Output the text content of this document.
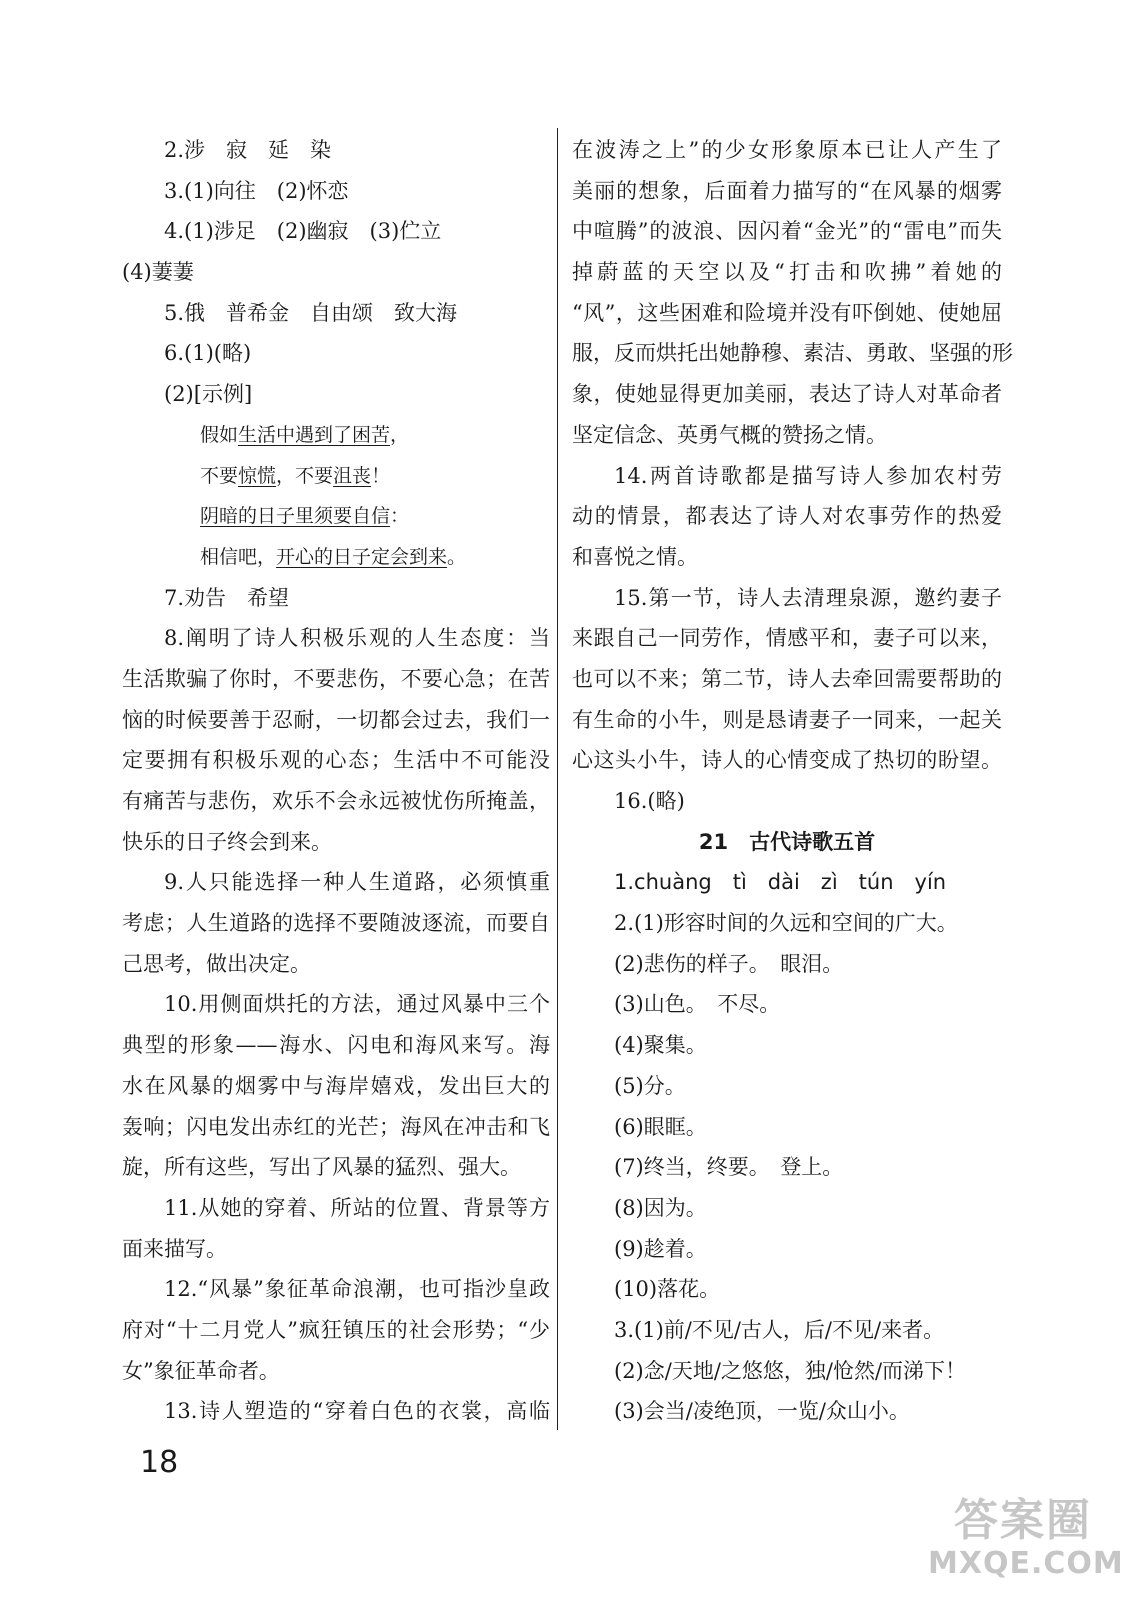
2.涉　寂　延　染
3.(1)向往　(2)怀恋
4.(1)涉足　(2)幽寂　(3)伫立
(4)萋萋
5.俄　普希金　自由颂　致大海
6.(1)(略)
(2)[示例]
假如生活中遇到了困苦，
不要惊慌，不要沮丧！
阴暗的日子里须要自信：
相信吧，开心的日子定会到来。
7.劝告　希望
8.阐明了诗人积极乐观的人生态度：当
生活欺骗了你时，不要悲伤，不要心急；在苦
恼的时候要善于忍耐，一切都会过去，我们一
定要拥有积极乐观的心态；生活中不可能没
有痛苦与悲伤，欢乐不会永远被忧伤所掩盖，
快乐的日子终会到来。
9.人只能选择一种人生道路，必须慎重
考虑；人生道路的选择不要随波逐流，而要自
己思考，做出决定。
10.用侧面烘托的方法，通过风暴中三个
典型的形象——海水、闪电和海风来写。海
水在风暴的烟雾中与海岸嬉戏，发出巨大的
轰响；闪电发出赤红的光芒；海风在冲击和飞
旋，所有这些，写出了风暴的猛烈、强大。
11.从她的穿着、所站的位置、背景等方
面来描写。
12.“风暴”象征革命浪潮，也可指沙皇政
府对“十二月党人”疯狂镇压的社会形势；“少
女”象征革命者。
13.诗人塑造的“穿着白色的衣裳，高临
在波涛之上”的少女形象原本已让人产生了
美丽的想象，后面着力描写的“在风暴的烟雾
中喧腾”的波浪、因闪着“金光”的“雷电”而失
掉蔚蓝的天空以及“打击和吹拂”着她的
“风”，这些困难和险境并没有吓倒她、使她屈
服，反而烘托出她静穆、素洁、勇敢、坚强的形
象，使她显得更加美丽，表达了诗人对革命者
坚定信念、英勇气概的赞扬之情。
14.两首诗歌都是描写诗人参加农村劳
动的情景，都表达了诗人对农事劳作的热爱
和喜悦之情。
15.第一节，诗人去清理泉源，邀约妻子
来跟自己一同劳作，情感平和，妻子可以来，
也可以不来；第二节，诗人去牵回需要帮助的
有生命的小牛，则是恳请妻子一同来，一起关
心这头小牛，诗人的心情变成了热切的盼望。
16.(略)
21　古代诗歌五首
1.chuàng　tì　dài　zì　tún　yín
2.(1)形容时间的久远和空间的广大。
(2)悲伤的样子。　眼泪。
(3)山色。　不尽。
(4)聚集。
(5)分。
(6)眼眶。
(7)终当，终要。　登上。
(8)因为。
(9)趁着。
(10)落花。
3.(1)前/不见/古人，后/不见/来者。
(2)念/天地/之悠悠，独/怆然/而涕下！
(3)会当/凌绝顶，一览/众山小。
18
答案圈
MXQE.COM
